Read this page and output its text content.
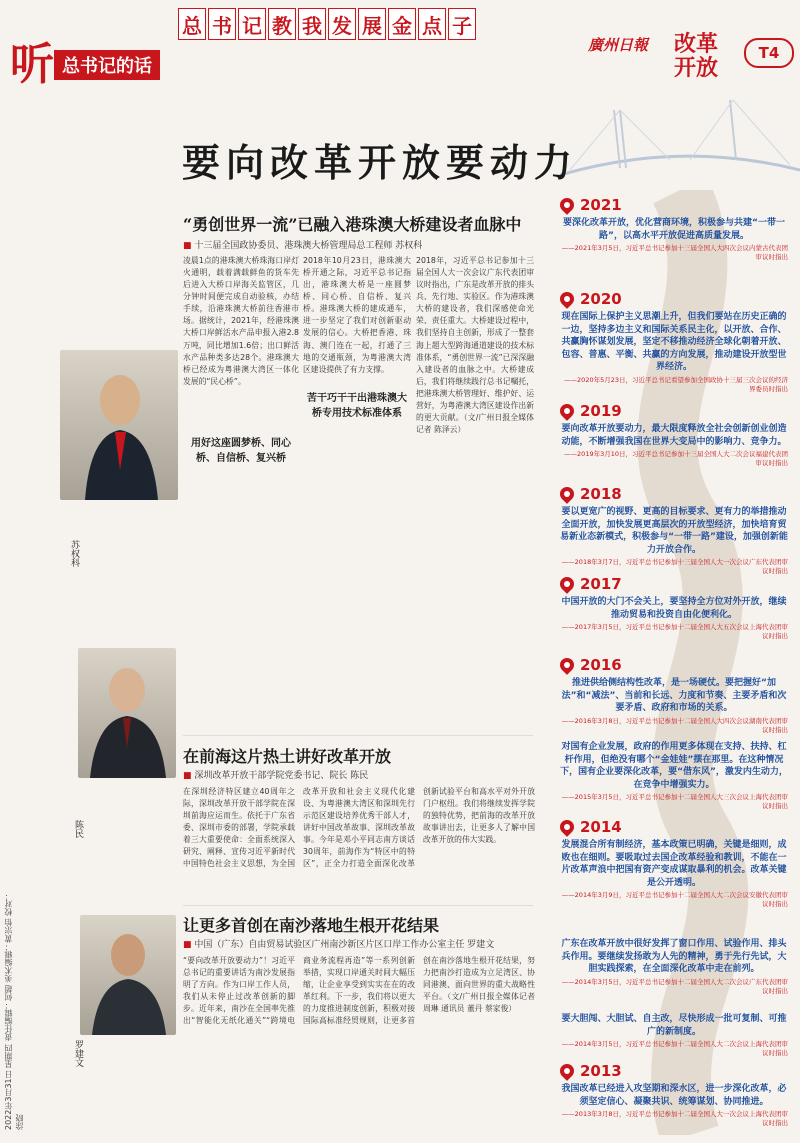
总 书 记 教 我 发 展 金 点 子
听 总书记的话
廣州日報	改革开放
T4
要向改革开放要动力
“勇创世界一流”已融入港珠澳大桥建设者血脉中
■ 十三届全国政协委员、港珠澳大桥管理局总工程师 苏权科
苏权科
凌晨1点的港珠澳大桥珠海口岸灯火通明，载着满载鲜鱼的货车先后进入大桥口岸海关监管区，几分钟时间便完成自动验核，办结手续，沿港珠澳大桥前往香港市场。据统计，2021年，经港珠澳大桥口岸鲜活水产品申报入港2.8万吨，同比增加1.6倍；出口鲜活水产品种类多达28个。港珠澳大桥已经成为粤港澳大湾区一体化发展的“民心桥”。
用好这座圆梦桥、同心桥、自信桥、复兴桥
2018年10月23日，港珠澳大桥开通之际，习近平总书记指出，港珠澳大桥是一座圆梦桥、同心桥、自信桥、复兴桥。港珠澳大桥的建成通车，进一步坚定了我们对创新驱动发展的信心。大桥把香港、珠海、澳门连在一起，打通了三地的交通瓶颈，为粤港澳大湾区建设提供了有力支撑。
苦干巧干干出港珠澳大桥专用技术标准体系
2018年，习近平总书记参加十三届全国人大一次会议广东代表团审议时指出，广东是改革开放的排头兵、先行地、实验区。作为港珠澳大桥的建设者，我们深感使命光荣、责任重大。大桥建设过程中，我们坚持自主创新，形成了一整套海上超大型跨海通道建设的技术标准体系，“勇创世界一流”已深深融入建设者的血脉之中。大桥建成后，我们将继续践行总书记嘱托，把港珠澳大桥管理好、维护好、运营好，为粤港澳大湾区建设作出新的更大贡献。（文/广州日报全媒体记者 陈泽云）
在前海这片热土讲好改革开放
■ 深圳改革开放干部学院党委书记、院长 陈民
陈民
在深圳经济特区建立40周年之际，深圳改革开放干部学院在深圳前海应运而生。依托于广东省委、深圳市委的部署，学院承载着三大重要使命：全面系统深入研究、阐释、宣传习近平新时代中国特色社会主义思想，为全国改革开放和社会主义现代化建设、为粤港澳大湾区和深圳先行示范区建设培养优秀干部人才，讲好中国改革故事、深圳改革故事。今年是邓小平同志南方谈话30周年，前海作为“特区中的特区”，正全力打造全面深化改革创新试验平台和高水平对外开放门户枢纽。我们将继续发挥学院的独特优势，把前海的改革开放故事讲出去，让更多人了解中国改革开放的伟大实践。
让更多首创在南沙落地生根开花结果
■ 中国（广东）自由贸易试验区广州南沙新区片区口岸工作办公室主任 罗建文
罗建文
“要向改革开放要动力”！习近平总书记的重要讲话为南沙发展指明了方向。作为口岸工作人员，我们从未停止过改革创新的脚步。近年来，南沙在全国率先推出“智能化无纸化通关”“跨境电商业务流程再造”等一系列创新举措，实现口岸通关时间大幅压缩，让企业享受到实实在在的改革红利。下一步，我们将以更大的力度推进制度创新，积极对接国际高标准经贸规则，让更多首创在南沙落地生根开花结果，努力把南沙打造成为立足湾区、协同港澳、面向世界的重大战略性平台。（文/广州日报全媒体记者 周琳 通讯员 董丹 蔡家俊）
2021
要深化改革开放，优化营商环境，积极参与共建“一带一路”，以高水平开放促进高质量发展。
——2021年3月5日，习近平总书记参加十三届全国人大四次会议内蒙古代表团审议时指出
2020
现在国际上保护主义思潮上升，但我们要站在历史正确的一边，坚持多边主义和国际关系民主化，以开放、合作、共赢胸怀谋划发展，坚定不移推动经济全球化朝着开放、包容、普惠、平衡、共赢的方向发展，推动建设开放型世界经济。
——2020年5月23日，习近平总书记看望参加全国政协十三届三次会议的经济界委员时指出
2019
要向改革开放要动力，最大限度释放全社会创新创业创造动能，不断增强我国在世界大变局中的影响力、竞争力。
——2019年3月10日，习近平总书记参加十三届全国人大二次会议福建代表团审议时指出
2018
要以更宽广的视野、更高的目标要求、更有力的举措推动全面开放，加快发展更高层次的开放型经济，加快培育贸易新业态新模式，积极参与“一带一路”建设，加强创新能力开放合作。
——2018年3月7日，习近平总书记参加十三届全国人大一次会议广东代表团审议时指出
2017
中国开放的大门不会关上，要坚持全方位对外开放，继续推动贸易和投资自由化便利化。
——2017年3月5日，习近平总书记参加十二届全国人大五次会议上海代表团审议时指出
2016
推进供给侧结构性改革，是一场硬仗。要把握好“加法”和“减法”、当前和长远、力度和节奏、主要矛盾和次要矛盾、政府和市场的关系。
——2016年3月8日，习近平总书记参加十二届全国人大四次会议湖南代表团审议时指出
对国有企业发展，政府的作用更多体现在支持、扶持、杠杆作用，但绝没有哪个“金娃娃”摆在那里。在这种情况下，国有企业要深化改革，要“借东风”，激发内生动力，在竞争中增强实力。
——2015年3月5日，习近平总书记参加十二届全国人大三次会议上海代表团审议时指出
2014
发展混合所有制经济，基本政策已明确，关键是细则，成败也在细则。要吸取过去国企改革经验和教训，不能在一片改革声浪中把国有资产变成谋取暴利的机会。改革关键是公开透明。
——2014年3月9日，习近平总书记参加十二届全国人大二次会议安徽代表团审议时指出
广东在改革开放中很好发挥了窗口作用、试验作用、排头兵作用。要继续发扬敢为人先的精神，勇于先行先试，大胆实践探索，在全面深化改革中走在前列。
——2014年3月5日，习近平总书记参加十二届全国人大二次会议广东代表团审议时指出
要大胆闯、大胆试、自主改，尽快形成一批可复制、可推广的新制度。
——2014年3月5日，习近平总书记参加十二届全国人大二次会议上海代表团审议时指出
2013
我国改革已经进入攻坚期和深水区，进一步深化改革，必须坚定信心、凝聚共识、统筹谋划、协同推进。
——2013年3月8日，习近平总书记参加十二届全国人大一次会议上海代表团审议时指出
2022年3月31日 星期四 责任编辑：何超 美术编辑：黄宗怡 校对：涂晓
